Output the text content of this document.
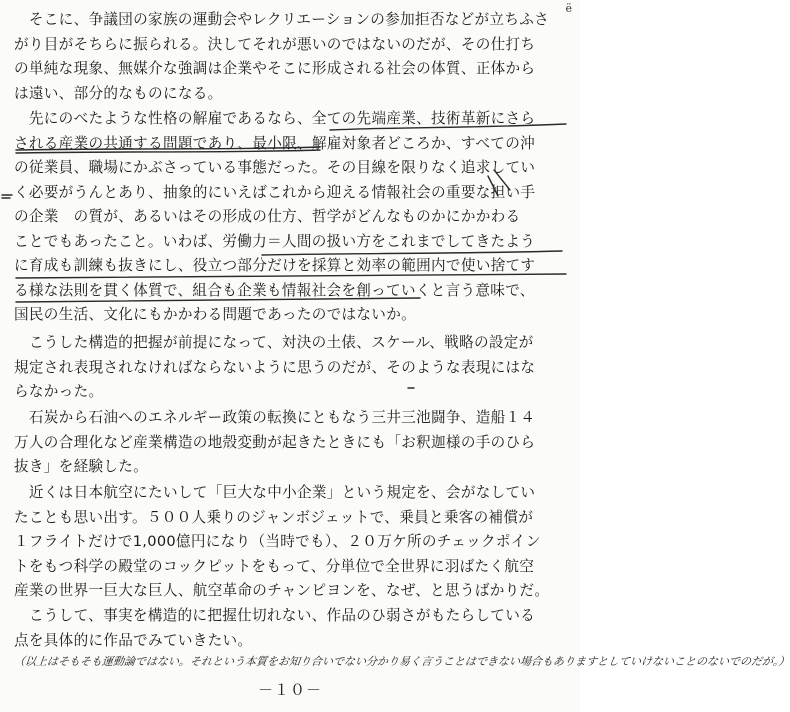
ё
　そこに、争議団の家族の運動会やレクリエーションの参加拒否などが立ちふさ
がり目がそちらに振られる。決してそれが悪いのではないのだが、その仕打ち
の単純な現象、無媒介な強調は企業やそこに形成される社会の体質、正体から
は遠い、部分的なものになる。
　先にのべたような性格の解雇であるなら、全ての先端産業、技術革新にさら
される産業の共通する問題であり、最小限、解雇対象者どころか、すべての沖
の従業員、職場にかぶさっている事態だった。その目線を限りなく追求してい
く必要がうんとあり、抽象的にいえばこれから迎える情報社会の重要な担い手
の企業　の質が、あるいはその形成の仕方、哲学がどんなものかにかかわる
ことでもあったこと。いわば、労働力＝人間の扱い方をこれまでしてきたよう
に育成も訓練も抜きにし、役立つ部分だけを採算と効率の範囲内で使い捨てす
る様な法則を貫く体質で、組合も企業も情報社会を創っていくと言う意味で、
国民の生活、文化にもかかわる問題であったのではないか。
　こうした構造的把握が前提になって、対決の土俵、スケール、戦略の設定が
規定され表現されなければならないように思うのだが、そのような表現にはな
らなかった。
　石炭から石油へのエネルギー政策の転換にともなう三井三池闘争、造船１４
万人の合理化など産業構造の地殻変動が起きたときにも「お釈迦様の手のひら
抜き」を経験した。
　近くは日本航空にたいして「巨大な中小企業」という規定を、会がなしてい
たことも思い出す。５００人乗りのジャンボジェットで、乗員と乗客の補償が
１フライトだけで1,000億円になり（当時でも）、２０万ケ所のチェックポイン
トをもつ科学の殿堂のコックピットをもって、分単位で全世界に羽ばたく航空
産業の世界一巨大な巨人、航空革命のチャンピヨンを、なぜ、と思うばかりだ。
　こうして、事実を構造的に把握仕切れない、作品のひ弱さがもたらしている
点を具体的に作品でみていきたい。
（以上はそもそも運動論ではない。それという本質をお知り合いでない分かり易く言うことはできない場合もありますとしていけないことのないでのだが。）
－１０－
